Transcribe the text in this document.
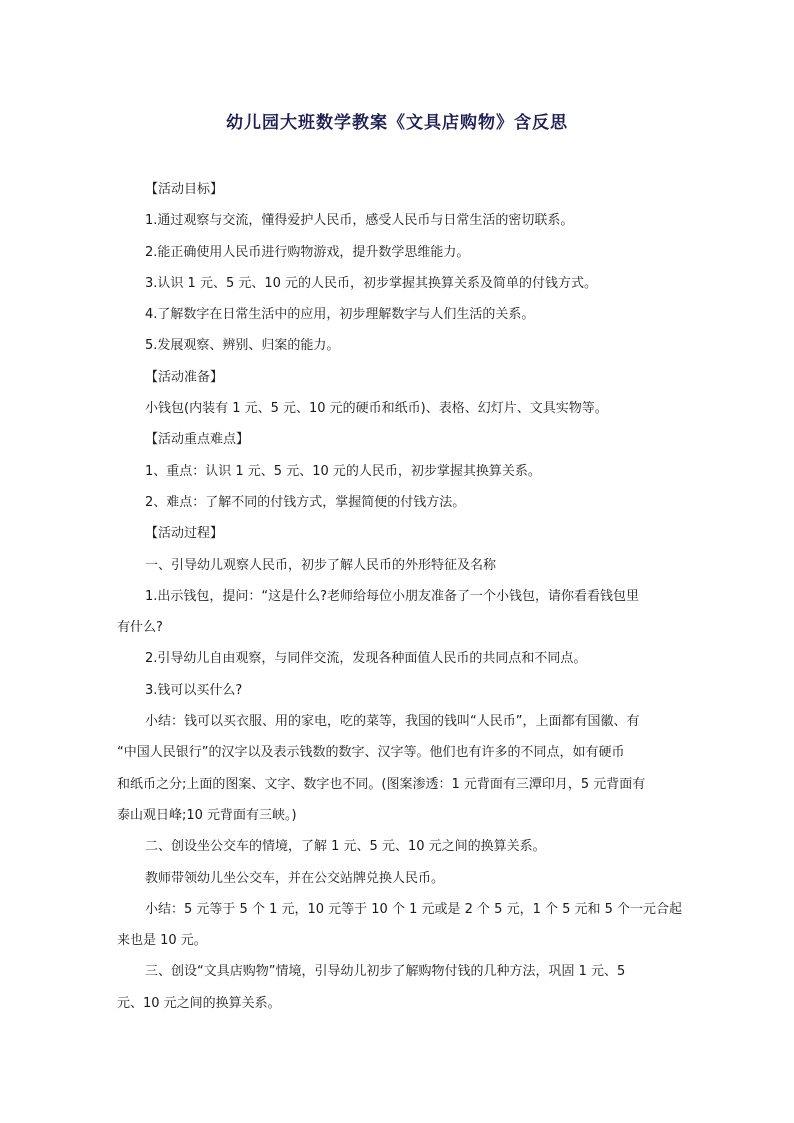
幼儿园大班数学教案《文具店购物》含反思
【活动目标】
1.通过观察与交流，懂得爱护人民币，感受人民币与日常生活的密切联系。
2.能正确使用人民币进行购物游戏，提升数学思维能力。
3.认识 1 元、5 元、10 元的人民币，初步掌握其换算关系及简单的付钱方式。
4.了解数字在日常生活中的应用，初步理解数字与人们生活的关系。
5.发展观察、辨别、归案的能力。
【活动准备】
小钱包(内装有 1 元、5 元、10 元的硬币和纸币)、表格、幻灯片、文具实物等。
【活动重点难点】
1、重点：认识 1 元、5 元、10 元的人民币，初步掌握其换算关系。
2、难点：了解不同的付钱方式，掌握简便的付钱方法。
【活动过程】
一、引导幼儿观察人民币，初步了解人民币的外形特征及名称
1.出示钱包，提问：“这是什么?老师给每位小朋友准备了一个小钱包，请你看看钱包里
有什么?
2.引导幼儿自由观察，与同伴交流，发现各种面值人民币的共同点和不同点。
3.钱可以买什么?
小结：钱可以买衣服、用的家电，吃的菜等，我国的钱叫“人民币”，上面都有国徽、有
“中国人民银行”的汉字以及表示钱数的数字、汉字等。他们也有许多的不同点，如有硬币
和纸币之分;上面的图案、文字、数字也不同。(图案渗透：1 元背面有三潭印月，5 元背面有
泰山观日峰;10 元背面有三峡。)
二、创设坐公交车的情境，了解 1 元、5 元、10 元之间的换算关系。
教师带领幼儿坐公交车，并在公交站牌兑换人民币。
小结：5 元等于 5 个 1 元，10 元等于 10 个 1 元或是 2 个 5 元，1 个 5 元和 5 个一元合起
来也是 10 元。
三、创设“文具店购物”情境，引导幼儿初步了解购物付钱的几种方法，巩固 1 元、5
元、10 元之间的换算关系。
